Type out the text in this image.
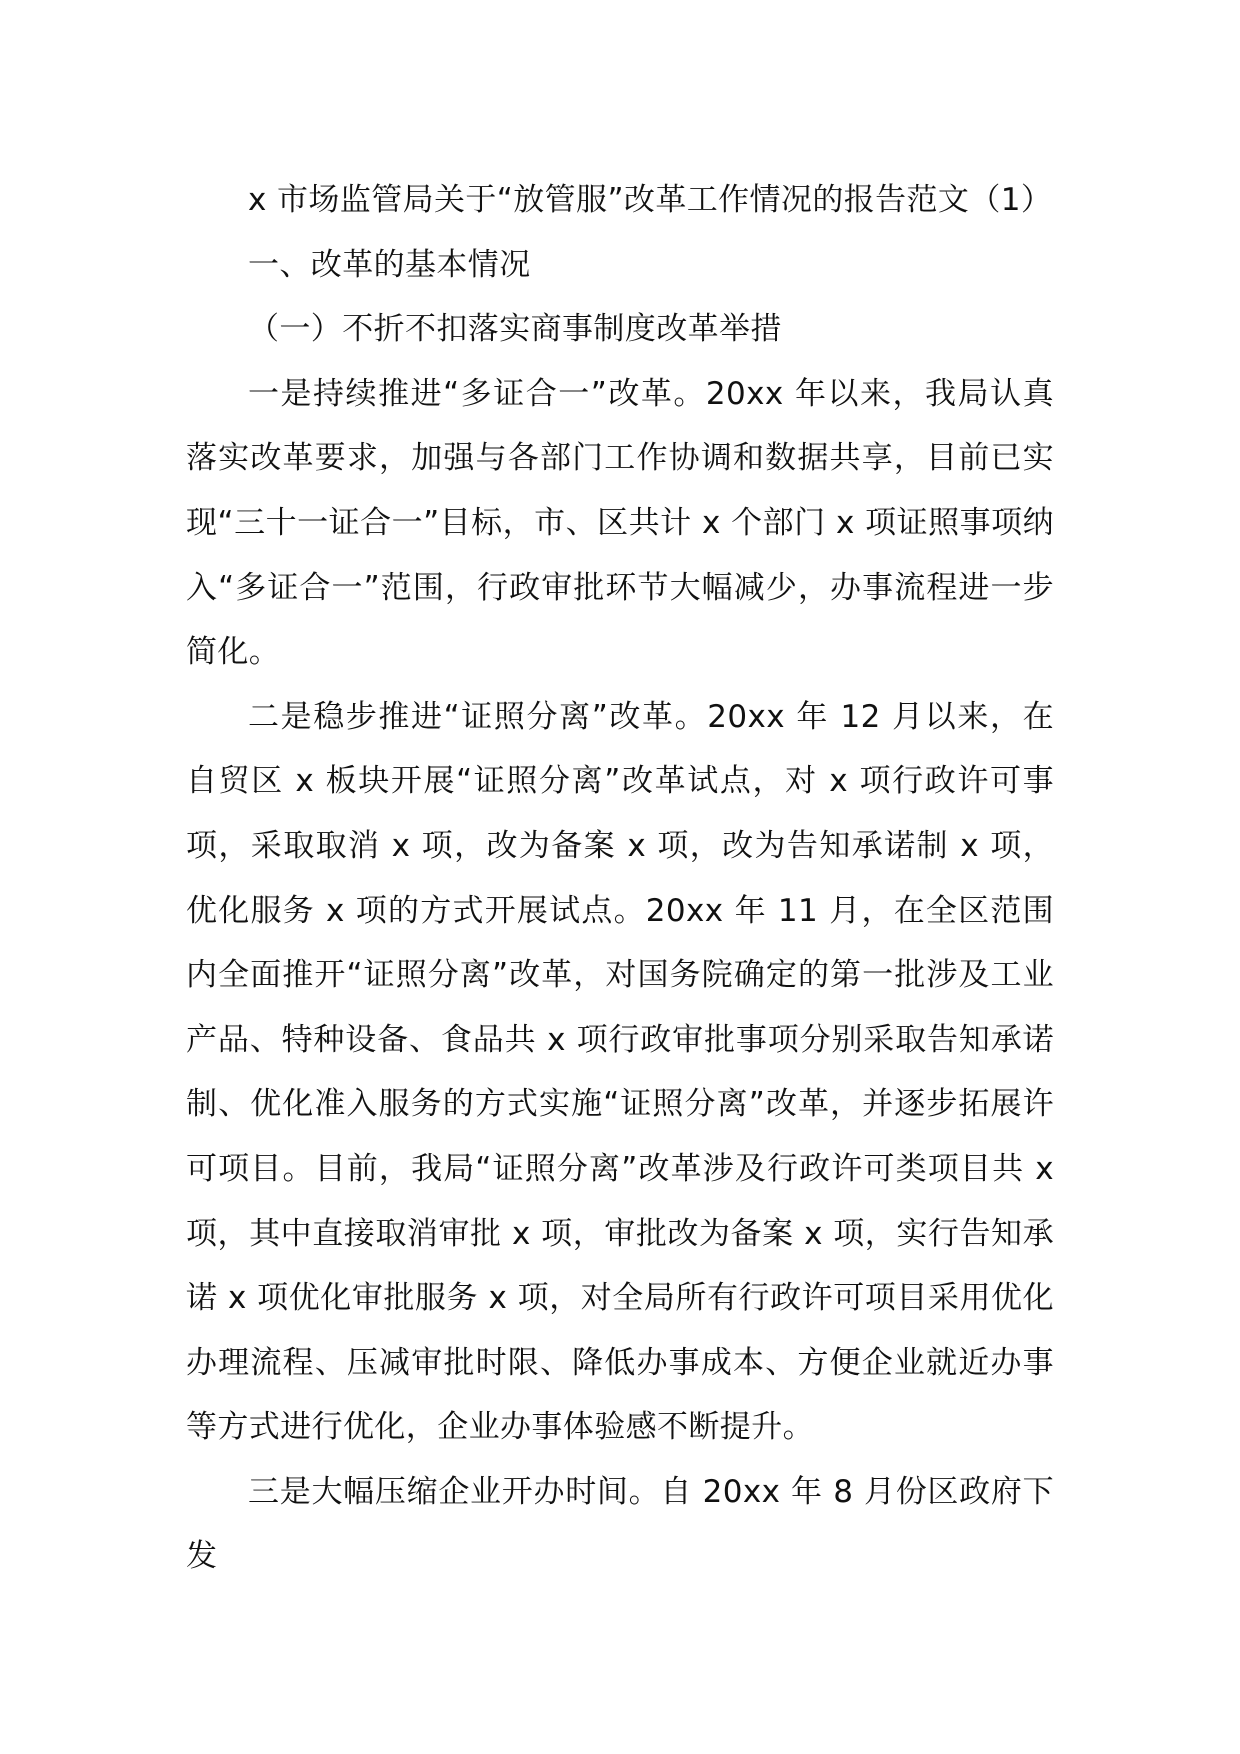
x 市场监管局关于“放管服”改革工作情况的报告范文（1）

一、改革的基本情况

（一）不折不扣落实商事制度改革举措

一是持续推进“多证合一”改革。20xx 年以来，我局认真落实改革要求，加强与各部门工作协调和数据共享，目前已实现“三十一证合一”目标，市、区共计 x 个部门 x 项证照事项纳入“多证合一”范围，行政审批环节大幅减少，办事流程进一步简化。

二是稳步推进“证照分离”改革。20xx 年 12 月以来，在自贸区 x 板块开展“证照分离”改革试点，对 x 项行政许可事项，采取取消 x 项，改为备案 x 项，改为告知承诺制 x 项，优化服务 x 项的方式开展试点。20xx 年 11 月，在全区范围内全面推开“证照分离”改革，对国务院确定的第一批涉及工业产品、特种设备、食品共 x 项行政审批事项分别采取告知承诺制、优化准入服务的方式实施“证照分离”改革，并逐步拓展许可项目。目前，我局“证照分离”改革涉及行政许可类项目共 x 项，其中直接取消审批 x 项，审批改为备案 x 项，实行告知承诺 x 项优化审批服务 x 项，对全局所有行政许可项目采用优化办理流程、压减审批时限、降低办事成本、方便企业就近办事等方式进行优化，企业办事体验感不断提升。

三是大幅压缩企业开办时间。自 20xx 年 8 月份区政府下发
